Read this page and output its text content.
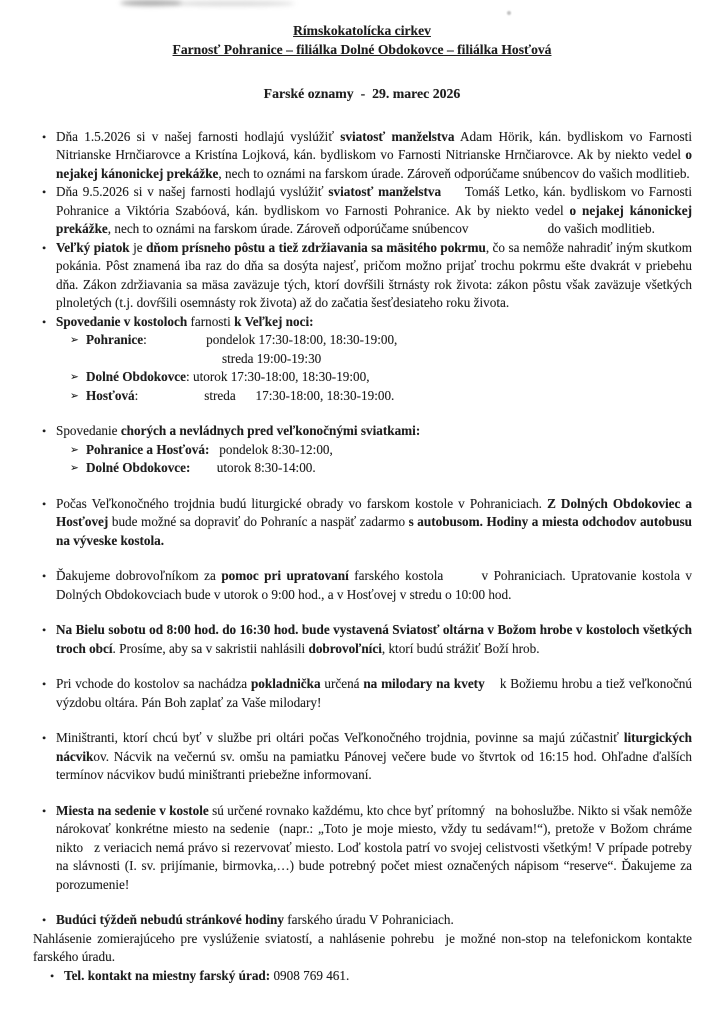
Rímskokatolícka cirkev
Farnosť Pohranice – filiálka Dolné Obdokovce – filiálka Hosťová
Farské oznamy  -  29. marec 2026
• Dňa 1.5.2026 si v našej farnosti hodlajú vyslúžiť sviatosť manželstva Adam Hörik, kán. bydliskom vo Farnosti Nitrianske Hrnčiarovce a Kristína Lojková, kán. bydliskom vo Farnosti Nitrianske Hrnčiarovce. Ak by niekto vedel o nejakej kánonickej prekážke, nech to oznámi na farskom úrade. Zároveň odporúčame snúbencov do vašich modlitieb.
• Dňa 9.5.2026 si v našej farnosti hodlajú vyslúžiť sviatosť manželstva     Tomáš Letko, kán. bydliskom vo Farnosti Pohranice a Viktória Szabóová, kán. bydliskom vo Farnosti Pohranice. Ak by niekto vedel o nejakej kánonickej prekážke, nech to oznámi na farskom úrade. Zároveň odporúčame snúbencov                        do vašich modlitieb.
• Veľký piatok je dňom prísneho pôstu a tiež zdržiavania sa mäsitého pokrmu, čo sa nemôže nahradiť iným skutkom pokánia. Pôst znamená iba raz do dňa sa dosýta najesť, pričom možno prijať trochu pokrmu ešte dvakrát v priebehu dňa. Zákon zdržiavania sa mäsa zaväzuje tých, ktorí dovŕšili štrnásty rok života: zákon pôstu však zaväzuje všetkých plnoletých (t.j. dovŕšili osemnásty rok života) až do začatia šesťdesiateho roku života.
• Spovedanie v kostoloch farnosti k Veľkej noci:
➢ Pohranice:                  pondelok 17:30-18:00, 18:30-19:00,
streda 19:00-19:30
➢ Dolné Obdokovce: utorok 17:30-18:00, 18:30-19:00,
➢ Hosťová:                    streda      17:30-18:00, 18:30-19:00.
• Spovedanie chorých a nevládnych pred veľkonočnými sviatkami:
➢ Pohranice a Hosťová:   pondelok 8:30-12:00,
➢ Dolné Obdokovce:        utorok 8:30-14:00.
• Počas Veľkonočného trojdnia budú liturgické obrady vo farskom kostole v Pohraniciach. Z Dolných Obdokoviec a Hosťovej bude možné sa dopraviť do Pohraníc a naspäť zadarmo s autobusom. Hodiny a miesta odchodov autobusu  na výveske kostola.
• Ďakujeme dobrovoľníkom za pomoc pri upratovaní farského kostola       v Pohraniciach. Upratovanie kostola v Dolných Obdokovciach bude v utorok o 9:00 hod., a v Hosťovej v stredu o 10:00 hod.
• Na Bielu sobotu od 8:00 hod. do 16:30 hod. bude vystavená Sviatosť oltárna v Božom hrobe v kostoloch všetkých troch obcí. Prosíme, aby sa v sakristii nahlásili dobrovoľníci, ktorí budú strážiť Boží hrob.
• Pri vchode do kostolov sa nachádza pokladnička určená na milodary na kvety    k Božiemu hrobu a tiež veľkonočnú výzdobu oltára. Pán Boh zaplať za Vaše milodary!
• Miništranti, ktorí chcú byť v službe pri oltári počas Veľkonočného trojdnia, povinne sa majú zúčastniť liturgických nácvikov. Nácvik na večernú sv. omšu na pamiatku Pánovej večere bude vo štvrtok od 16:15 hod. Ohľadne ďalších termínov nácvikov budú miništranti priebežne informovaní.
• Miesta na sedenie v kostole sú určené rovnako každému, kto chce byť prítomný   na bohoslužbe. Nikto si však nemôže nárokovať konkrétne miesto na sedenie  (napr.: „Toto je moje miesto, vždy tu sedávam!“), pretože v Božom chráme nikto   z veriacich nemá právo si rezervovať miesto. Loď kostola patrí vo svojej celistvosti všetkým! V prípade potreby na slávnosti (I. sv. prijímanie, birmovka,…) bude potrebný počet miest označených nápisom “reserve“. Ďakujeme za porozumenie!
• Budúci týždeň nebudú stránkové hodiny farského úradu V Pohraniciach.
Nahlásenie zomierajúceho pre vyslúženie sviatostí, a nahlásenie pohrebu  je možné non-stop na telefonickom kontakte farského úradu.
• Tel. kontakt na miestny farský úrad: 0908 769 461.
